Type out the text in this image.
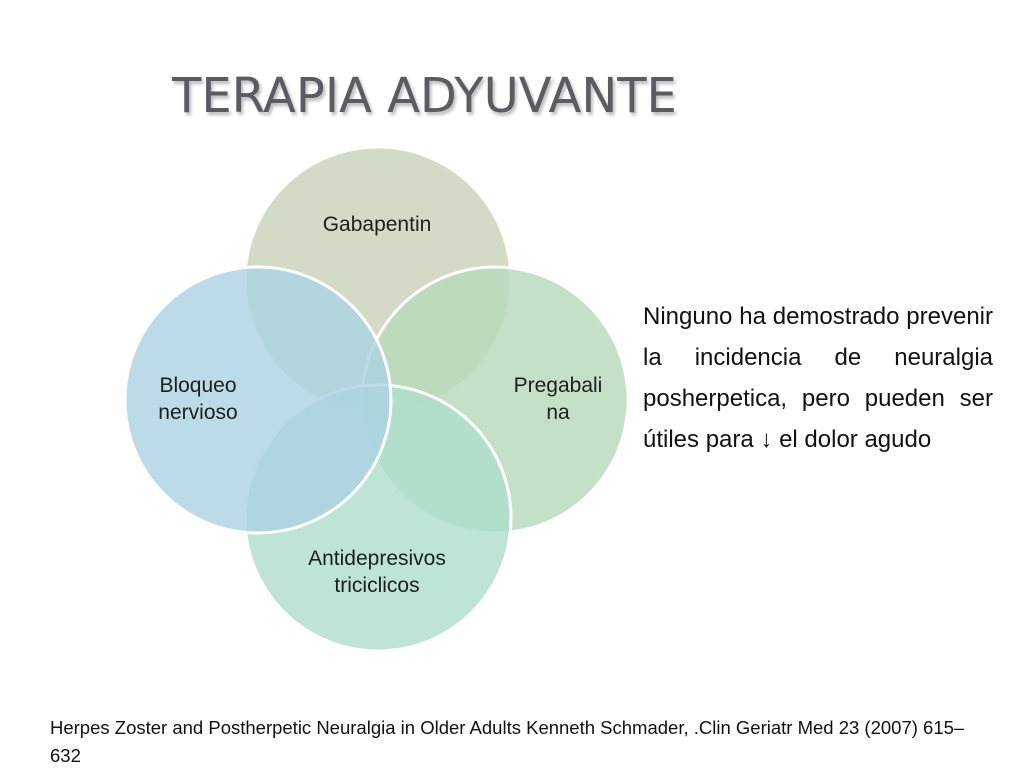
TERAPIA ADYUVANTE
Gabapentin
Pregabali
na
Antidepresivos triciclicos
Bloqueo
nervioso

Ninguno ha demostrado prevenir la incidencia de neuralgia posherpetica, pero pueden ser útiles para ↓ el dolor agudo

Herpes Zoster and Postherpetic Neuralgia in Older Adults Kenneth Schmader, .Clin Geriatr Med 23 (2007) 615–632
